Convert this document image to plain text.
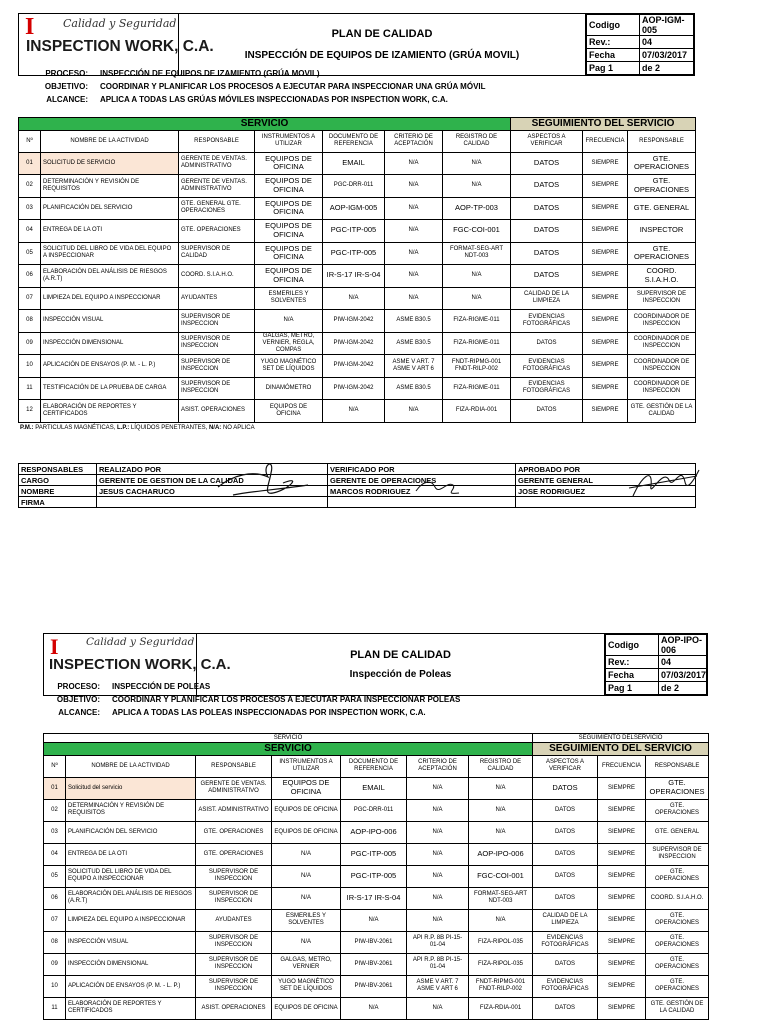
I	Calidad y Seguridad
INSPECTION WORK, C.A.

PLAN DE CALIDAD
INSPECCIÓN DE EQUIPOS DE IZAMIENTO (GRÚA MOVIL)

Codigo	AOP-IGM-005
Rev.:	04
Fecha	07/03/2017
Pag 1	de 2
PROCESO: INSPECCIÓN DE EQUIPOS DE IZAMIENTO (GRÚA MOVIL)
OBJETIVO: COORDINAR Y PLANIFICAR LOS PROCESOS A EJECUTAR PARA INSPECCIONAR UNA GRÚA MÓVIL
ALCANCE: APLICA A TODAS LAS GRÚAS MÓVILES INSPECCIONADAS POR INSPECTION WORK, C.A.
SERVICIO							SEGUIMIENTO DEL SERVICIO		
Nº	NOMBRE DE LA ACTIVIDAD	RESPONSABLE	INSTRUMENTOS A UTILIZAR	DOCUMENTO DE REFERENCIA	CRITERIO DE ACEPTACIÓN	REGISTRO DE CALIDAD	ASPECTOS A VERIFICAR	FRECUENCIA	RESPONSABLE
01	SOLICITUD DE SERVICIO	GERENTE DE VENTAS. ADMINISTRATIVO	EQUIPOS DE OFICINA	EMAIL	N/A	N/A	DATOS	SIEMPRE	GTE. OPERACIONES
02	DETERMINACIÓN Y REVISIÓN DE REQUISITOS	GERENTE DE VENTAS. ADMINISTRATIVO	EQUIPOS DE OFICINA	PGC-DRR-011	N/A	N/A	DATOS	SIEMPRE	GTE. OPERACIONES
03	PLANIFICACIÓN DEL SERVICIO	GTE. GENERAL GTE. OPERACIONES	EQUIPOS DE OFICINA	AOP-IGM-005	N/A	AOP-TP-003	DATOS	SIEMPRE	GTE. GENERAL
04	ENTREGA DE LA OTI	GTE. OPERACIONES	EQUIPOS DE OFICINA	PGC-ITP-005	N/A	FGC-COI-001	DATOS	SIEMPRE	INSPECTOR
05	SOLICITUD DEL LIBRO DE VIDA DEL EQUIPO A INSPECCIONAR	SUPERVISOR DE CALIDAD	EQUIPOS DE OFICINA	PGC-ITP-005	N/A	FORMAT-SEG-ART NDT-003	DATOS	SIEMPRE	GTE. OPERACIONES
06	ELABORACIÓN DEL ANÁLISIS DE RIESGOS (A.R.T)	COORD. S.I.A.H.O.	EQUIPOS DE OFICINA	IR-S-17 IR-S-04	N/A	N/A	DATOS	SIEMPRE	COORD. S.I.A.H.O.
07	LIMPIEZA DEL EQUIPO A INSPECCIONAR	AYUDANTES	ESMERILES Y SOLVENTES	N/A	N/A	N/A	CALIDAD DE LA LIMPIEZA	SIEMPRE	SUPERVISOR DE INSPECCION
08	INSPECCIÓN VISUAL	SUPERVISOR DE INSPECCION	N/A	PIW-IGM-2042	ASME B30.5	FIZA-RIGME-011	EVIDENCIAS FOTOGRÁFICAS	SIEMPRE	COORDINADOR DE INSPECCION
09	INSPECCIÓN DIMENSIONAL	SUPERVISOR DE INSPECCION	GALGAS, METRO, VERNIER, REGLA, COMPAS	PIW-IGM-2042	ASME B30.5	FIZA-RIGME-011	DATOS	SIEMPRE	COORDINADOR DE INSPECCION
10	APLICACIÓN DE ENSAYOS (P. M. - L. P.)	SUPERVISOR DE INSPECCION	YUGO MAGNÉTICO SET DE LÍQUIDOS	PIW-IGM-2042	ASME V ART. 7 ASME V ART 6	FNDT-RIPMG-001 FNDT-RILP-002	EVIDENCIAS FOTOGRÁFICAS	SIEMPRE	COORDINADOR DE INSPECCION
11	TESTIFICACIÓN DE LA PRUEBA DE CARGA	SUPERVISOR DE INSPECCION	DINAMÓMETRO	PIW-IGM-2042	ASME B30.5	FIZA-RIGME-011	EVIDENCIAS FOTOGRÁFICAS	SIEMPRE	COORDINADOR DE INSPECCION
12	ELABORACIÓN DE REPORTES Y CERTIFICADOS	ASIST. OPERACIONES	EQUIPOS DE OFICINA	N/A	N/A	FIZA-RDIA-001	DATOS	SIEMPRE	GTE. GESTIÓN DE LA CALIDAD
P.M.: PARTICULAS MAGNÉTICAS, L.P.: LÍQUIDOS PENETRANTES, N/A: NO APLICA
RESPONSABLES	REALIZADO POR	VERIFICADO POR	APROBADO POR
CARGO	GERENTE DE GESTION DE LA CALIDAD	GERENTE DE OPERACIONES	GERENTE GENERAL
NOMBRE	JESUS CACHARUCO	MARCOS RODRIGUEZ	JOSE RODRIGUEZ
FIRMA			
I	Calidad y Seguridad
INSPECTION WORK, C.A.

PLAN DE CALIDAD
Inspección de Poleas

Codigo	AOP-IPO-006
Rev.:	04
Fecha	07/03/2017
Pag 1	de 2
PROCESO: INSPECCIÓN DE POLEAS
OBJETIVO: COORDINAR Y PLANIFICAR LOS PROCESOS A EJECUTAR PARA INSPECCIONAR POLEAS
ALCANCE: APLICA A TODAS LAS POLEAS INSPECCIONADAS POR INSPECTION WORK, C.A.
SERVICIO							SEGUIMIENTO DELSERVICIO		
SERVICIO							SEGUIMIENTO DEL SERVICIO		
Nº	NOMBRE DE LA ACTIVIDAD	RESPONSABLE	INSTRUMENTOS A UTILIZAR	DOCUMENTO DE REFERENCIA	CRITERIO DE ACEPTACIÓN	REGISTRO DE CALIDAD	ASPECTOS A VERIFICAR	FRECUENCIA	RESPONSABLE
01	Solicitud del servicio	GERENTE DE VENTAS. ADMINISTRATIVO	EQUIPOS DE OFICINA	EMAIL	N/A	N/A	DATOS	SIEMPRE	GTE. OPERACIONES
02	DETERMINACIÓN Y REVISIÓN DE REQUISITOS	ASIST. ADMINISTRATIVO	EQUIPOS DE OFICINA	PGC-DRR-011	N/A	N/A	DATOS	SIEMPRE	GTE. OPERACIONES
03	PLANIFICACIÓN DEL SERVICIO	GTE. OPERACIONES	EQUIPOS DE OFICINA	AOP-IPO-006	N/A	N/A	DATOS	SIEMPRE	GTE. GENERAL
04	ENTREGA DE LA OTI	GTE. OPERACIONES	N/A	PGC-ITP-005	N/A	AOP-IPO-006	DATOS	SIEMPRE	SUPERVISOR DE INSPECCION
05	SOLICITUD DEL LIBRO DE VIDA DEL EQUIPO A INSPECCIONAR	SUPERVISOR DE INSPECCION	N/A	PGC-ITP-005	N/A	FGC-COI-001	DATOS	SIEMPRE	GTE. OPERACIONES
06	ELABORACIÓN DEL ANÁLISIS DE RIESGOS (A.R.T)	SUPERVISOR DE INSPECCION	N/A	IR-S-17 IR-S-04	N/A	FORMAT-SEG-ART NDT-003	DATOS	SIEMPRE	COORD. S.I.A.H.O.
07	LIMPIEZA DEL EQUIPO A INSPECCIONAR	AYUDANTES	ESMERILES Y SOLVENTES	N/A	N/A	N/A	CALIDAD DE LA LIMPIEZA	SIEMPRE	GTE. OPERACIONES
08	INSPECCIÓN VISUAL	SUPERVISOR DE INSPECCION	N/A	PIW-IBV-2061	API R.P. 8B PI-15-01-04	FIZA-RIPOL-035	EVIDENCIAS FOTOGRÁFICAS	SIEMPRE	GTE. OPERACIONES
09	INSPECCIÓN DIMENSIONAL	SUPERVISOR DE INSPECCION	GALGAS, METRO, VERNIER	PIW-IBV-2061	API R.P. 8B PI-15-01-04	FIZA-RIPOL-035	DATOS	SIEMPRE	GTE. OPERACIONES
10	APLICACIÓN DE ENSAYOS (P. M. - L. P.)	SUPERVISOR DE INSPECCION	YUGO MAGNÉTICO SET DE LÍQUIDOS	PIW-IBV-2061	ASME V ART. 7 ASME V ART 6	FNDT-RIPMG-001 FNDT-RILP-002	EVIDENCIAS FOTOGRÁFICAS	SIEMPRE	GTE. OPERACIONES
11	ELABORACIÓN DE REPORTES Y CERTIFICADOS	ASIST. OPERACIONES	EQUIPOS DE OFICINA	N/A	N/A	FIZA-RDIA-001	DATOS	SIEMPRE	GTE. GESTIÓN DE LA CALIDAD
